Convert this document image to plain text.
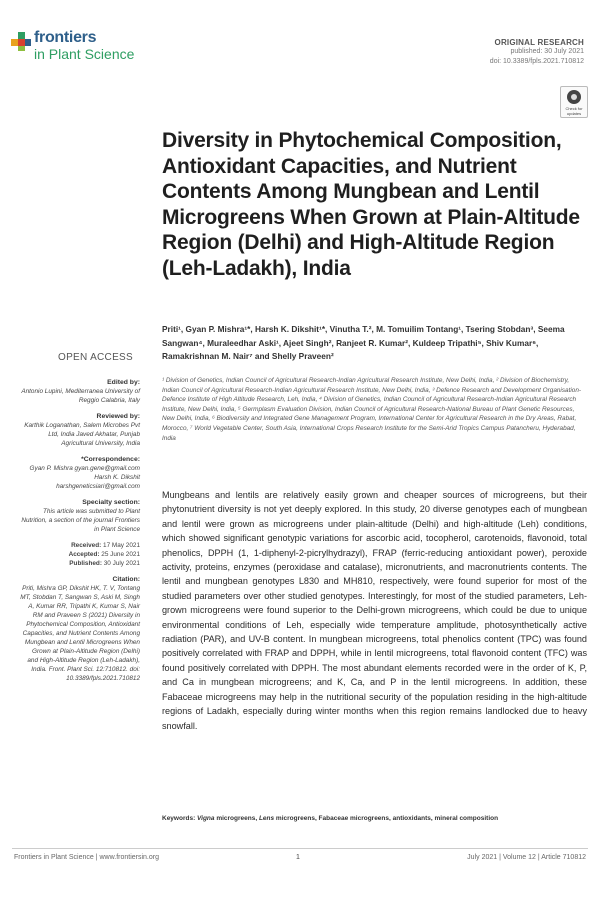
frontiers
in Plant Science
ORIGINAL RESEARCH
published: 30 July 2021
doi: 10.3389/fpls.2021.710812
Check for updates
Diversity in Phytochemical Composition, Antioxidant Capacities, and Nutrient Contents Among Mungbean and Lentil Microgreens When Grown at Plain-Altitude Region (Delhi) and High-Altitude Region (Leh-Ladakh), India
Priti¹, Gyan P. Mishra¹*, Harsh K. Dikshit¹*, Vinutha T.², M. Tomuilim Tontang¹, Tsering Stobdan³, Seema Sangwan⁴, Muraleedhar Aski¹, Ajeet Singh², Ranjeet R. Kumar², Kuldeep Tripathi⁵, Shiv Kumar⁶, Ramakrishnan M. Nair⁷ and Shelly Praveen²

¹ Division of Genetics, Indian Council of Agricultural Research-Indian Agricultural Research Institute, New Delhi, India, ² Division of Biochemistry, Indian Council of Agricultural Research-Indian Agricultural Research Institute, New Delhi, India, ³ Defence Research and Development Organisation-Defence Institute of High Altitude Research, Leh, India, ⁴ Division of Genetics, Indian Council of Agricultural Research-Indian Agricultural Research Institute, New Delhi, India, ⁵ Germplasm Evaluation Division, Indian Council of Agricultural Research-National Bureau of Plant Genetic Resources, New Delhi, India, ⁶ Biodiversity and Integrated Gene Management Program, International Center for Agricultural Research in the Dry Areas, Rabat, Morocco, ⁷ World Vegetable Center, South Asia, International Crops Research Institute for the Semi-Arid Tropics Campus Patancheru, Hyderabad, India

OPEN ACCESS
Edited by:
Antonio Lupini, Mediterranea University of Reggio Calabria, Italy
Reviewed by:
Karthik Loganathan, Salem Microbes Pvt Ltd, India Javed Akhatar, Punjab Agricultural University, India
*Correspondence:
Gyan P. Mishra gyan.gene@gmail.com Harsh K. Dikshit harshgeneticsiari@gmail.com
Specialty section:
This article was submitted to Plant Nutrition, a section of the journal Frontiers in Plant Science
Received: 17 May 2021
Accepted: 25 June 2021
Published: 30 July 2021
Citation:
Priti, Mishra GP, Dikshit HK, T. V, Tontang MT, Stobdan T, Sangwan S, Aski M, Singh A, Kumar RR, Tripathi K, Kumar S, Nair RM and Praveen S (2021) Diversity in Phytochemical Composition, Antioxidant Capacities, and Nutrient Contents Among Mungbean and Lentil Microgreens When Grown at Plain-Altitude Region (Delhi) and High-Altitude Region (Leh-Ladakh), India. Front. Plant Sci. 12:710812. doi: 10.3389/fpls.2021.710812
Mungbeans and lentils are relatively easily grown and cheaper sources of microgreens, but their phytonutrient diversity is not yet deeply explored. In this study, 20 diverse genotypes each of mungbean and lentil were grown as microgreens under plain-altitude (Delhi) and high-altitude (Leh) conditions, which showed significant genotypic variations for ascorbic acid, tocopherol, carotenoids, flavonoid, total phenolics, DPPH (1, 1-diphenyl-2-picrylhydrazyl), FRAP (ferric-reducing antioxidant power), peroxide activity, proteins, enzymes (peroxidase and catalase), micronutrients, and macronutrients contents. The lentil and mungbean genotypes L830 and MH810, respectively, were found superior for most of the studied parameters over other studied genotypes. Interestingly, for most of the studied parameters, Leh-grown microgreens were found superior to the Delhi-grown microgreens, which could be due to unique environmental conditions of Leh, especially wide temperature amplitude, photosynthetically active radiation (PAR), and UV-B content. In mungbean microgreens, total phenolics content (TPC) was found positively correlated with FRAP and DPPH, while in lentil microgreens, total flavonoid content (TFC) was found positively correlated with DPPH. The most abundant elements recorded were in the order of K, P, and Ca in mungbean microgreens; and K, Ca, and P in the lentil microgreens. In addition, these Fabaceae microgreens may help in the nutritional security of the population residing in the high-altitude regions of Ladakh, especially during winter months when this region remains landlocked due to heavy snowfall.
Keywords: Vigna microgreens, Lens microgreens, Fabaceae microgreens, antioxidants, mineral composition
Frontiers in Plant Science | www.frontiersin.org	1	July 2021 | Volume 12 | Article 710812
